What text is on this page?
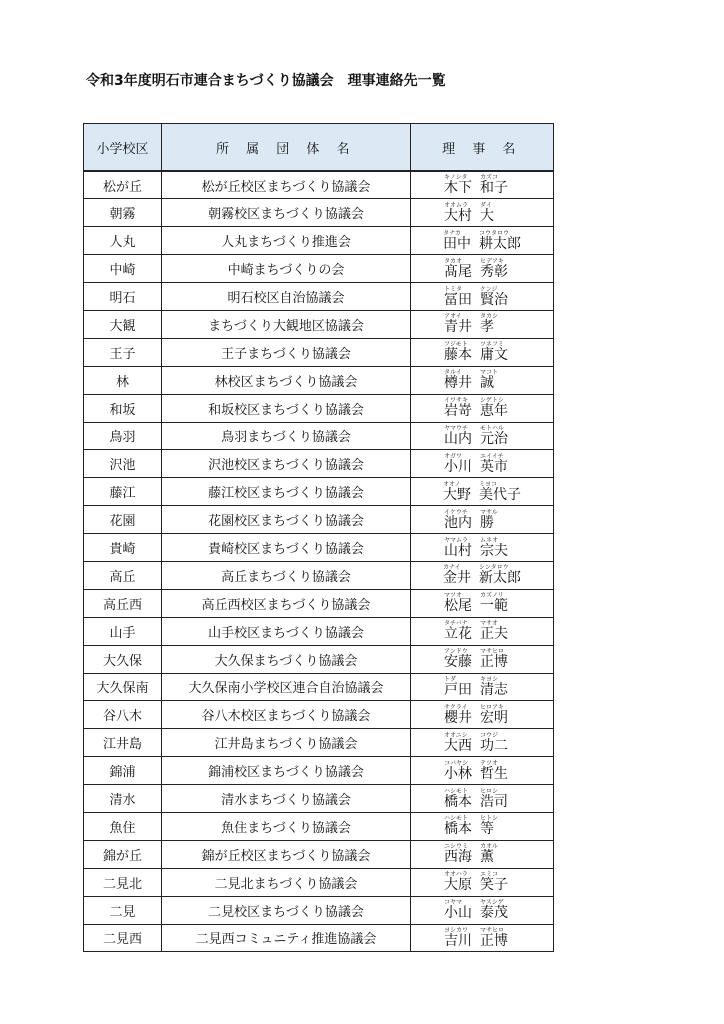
令和3年度明石市連合まちづくり協議会　理事連絡先一覧
小学校区	所 属 団 体 名	理 事 名
松が丘	松が丘校区まちづくり協議会	キノシタ カズコ
木下 和子

朝霧	朝霧校区まちづくり協議会	オオムラ ダイ
大村 大

人丸	人丸まちづくり推進会	タナカ コウタロウ
田中 耕太郎

中崎	中崎まちづくりの会	タカオ ヒデアキ
髙尾 秀彰

明石	明石校区自治協議会	トミタ ケンジ
冨田 賢治

大観	まちづくり大観地区協議会	アオイ タカシ
青井 孝

王子	王子まちづくり協議会	フジモト ツネフミ
藤本 庸文

林	林校区まちづくり協議会	タルイ マコト
樽井 誠

和坂	和坂校区まちづくり協議会	イワサキ シゲトシ
岩嵜 恵年

鳥羽	鳥羽まちづくり協議会	ヤマウチ モトハル
山内 元治

沢池	沢池校区まちづくり協議会	オガワ エイイチ
小川 英市

藤江	藤江校区まちづくり協議会	オオノ ミヨコ
大野 美代子

花園	花園校区まちづくり協議会	イケウチ マサル
池内 勝

貴崎	貴崎校区まちづくり協議会	ヤマムラ ムネオ
山村 宗夫

高丘	高丘まちづくり協議会	カナイ シンタロウ
金井 新太郎

高丘西	高丘西校区まちづくり協議会	マツオ カズノリ
松尾 一範

山手	山手校区まちづくり協議会	タチバナ マサオ
立花 正夫

大久保	大久保まちづくり協議会	アンドウ マサヒロ
安藤 正博

大久保南	大久保南小学校区連合自治協議会	トダ キヨシ
戸田 清志

谷八木	谷八木校区まちづくり協議会	サクライ ヒロアキ
櫻井 宏明

江井島	江井島まちづくり協議会	オオニシ コウジ
大西 功二

錦浦	錦浦校区まちづくり協議会	コバヤシ テツオ
小林 哲生

清水	清水まちづくり協議会	ハシモト ヒロシ
橋本 浩司

魚住	魚住まちづくり協議会	ハシモト ヒトシ
橋本 等

錦が丘	錦が丘校区まちづくり協議会	ニシウミ カオル
西海 薫

二見北	二見北まちづくり協議会	オオハラ エミコ
大原 笑子

二見	二見校区まちづくり協議会	コヤマ ヤスシゲ
小山 泰茂

二見西	二見西コミュニティ推進協議会	ヨシカワ マサヒロ
吉川 正博
